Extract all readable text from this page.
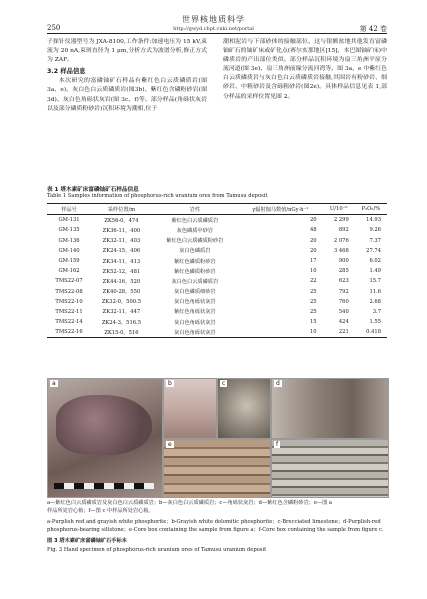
世界核地质科学
http://gwyd.cbpt.cnki.net/portal
250	第 42 卷

子探针仪器型号为 JXA-8100,工作条件:加速电压为 15 kV,束流为 20 nA,束斑直径为 1 μm,分析方式为波谱分析,修正方式为 ZAF。

3.2 样品信息

本次研究的富磷铀矿石样品有紫红色白云质磷质岩(图 3a、e)、灰白色白云质磷质岩(图3b)、紫红色含磷粉砂岩(图3d)、灰白色角砾状灰岩(图 3c、f)等。部分样品(角砾状灰岩以及部分磷质粉砂岩)沉积环境为潮相,位于

潮相泥岩与下部砂体的接触部位。这与银额盆地其他发育富磷铀矿石的铀矿床或矿化点(赛尔亥那地区[15]、本巴图铀矿床)中磷质岩的产出部位类似。部分样品沉积环境为扇三角洲平原分流河道(图 3e)、扇三角洲前缘分流河湾等。图 3a、e 中紫红色白云质磷质岩与灰白色白云质磷质岩接触,其围岩有粉砂岩、细砂岩、中粗砂岩及含砾粗砂岩(图2e)。具体样品信息见表 1,部分样品的采样位置见图 2。

表 1 塔木素矿床富磷铀矿石样品信息
Table 1 Samples information of phosphorus-rich uranium ores from Tamusu deposit
样品号	采样位置/m	岩性	γ辐射伽马数值/nGy·h⁻¹	U/10⁻⁶	P₂O₅/%
GM-131	ZK56-0，474	紫红色白云质磷质岩	20	2 299	14.93
GM-135	ZK36-11，400	灰色磷质中砂岩	48	892	9.26
GM-136	ZK32-11，403	紫红色白云质磷质粉砂岩	20	2 076	7.37
GM-140	ZK24-15，406	灰白色磷质岩	20	3 468	27.74
GM-159	ZK34-11，413	紫红色磷质粉砂岩	17	900	6.02
GM-162	ZK52-12，481	紫红色磷质粉砂岩	10	285	1.49
TMS22-07	ZK44-16，520	灰白色白云质磷质岩	22	623	15.7
TMS22-08	ZK40-28，550	灰白色磷质细砂岩	25	792	11.6
TMS22-10	ZK32-0，500.5	灰白色角砾状灰岩	25	760	2.68
TMS22-11	ZK32-11，447	紫红色角砾状灰岩	25	540	3.7
TMS22-14	ZK24-3，516.5	灰白色角砾状灰岩	15	424	1.55
TMS22-16	ZK15-0，516	灰白色角砾状灰岩	10	221	0.418
a	b	c	d
e	f
a—紫红色白云质磷质岩及灰白色白云质磷质岩；b—灰白色白云质磷质岩；c—角砾状灰岩；d—紫红色含磷粉砂岩；e—图 a
样品所处岩心箱；f—图 c 中样品所处岩心箱。
a-Purplish red and grayish white phosphorite；b-Grayish white dolomitic phosphorite；c-Brecciated limestone；d-Purplish-red
phosphorus-bearing siltstone；e-Core box containing the sample from figure a；f-Core box containing the sample from figure c.
图 3 塔木素矿床富磷铀矿石手标本
Fig. 3 Hand specimen of phosphorus-rich uranium ores of Tamusu uranium deposit
